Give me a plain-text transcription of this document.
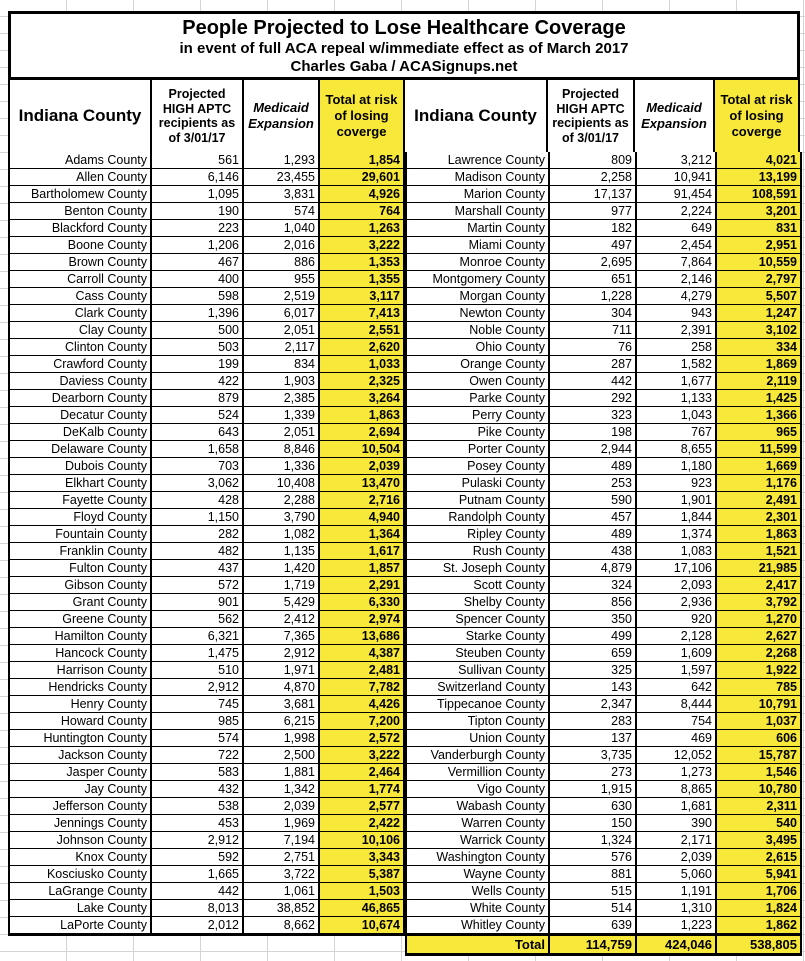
People Projected to Lose Healthcare Coverage
in event of full ACA repeal w/immediate effect as of March 2017
Charles Gaba / ACASignups.net
Indiana County
Projected HIGH APTC recipients as of 3/01/17
Medicaid Expansion
Total at risk of losing coverge
Indiana County
Projected HIGH APTC recipients as of 3/01/17
Medicaid Expansion
Total at risk of losing coverge
Adams County	561	1,293	1,854
Allen County	6,146	23,455	29,601
Bartholomew County	1,095	3,831	4,926
Benton County	190	574	764
Blackford County	223	1,040	1,263
Boone County	1,206	2,016	3,222
Brown County	467	886	1,353
Carroll County	400	955	1,355
Cass County	598	2,519	3,117
Clark County	1,396	6,017	7,413
Clay County	500	2,051	2,551
Clinton County	503	2,117	2,620
Crawford County	199	834	1,033
Daviess County	422	1,903	2,325
Dearborn County	879	2,385	3,264
Decatur County	524	1,339	1,863
DeKalb County	643	2,051	2,694
Delaware County	1,658	8,846	10,504
Dubois County	703	1,336	2,039
Elkhart County	3,062	10,408	13,470
Fayette County	428	2,288	2,716
Floyd County	1,150	3,790	4,940
Fountain County	282	1,082	1,364
Franklin County	482	1,135	1,617
Fulton County	437	1,420	1,857
Gibson County	572	1,719	2,291
Grant County	901	5,429	6,330
Greene County	562	2,412	2,974
Hamilton County	6,321	7,365	13,686
Hancock County	1,475	2,912	4,387
Harrison County	510	1,971	2,481
Hendricks County	2,912	4,870	7,782
Henry County	745	3,681	4,426
Howard County	985	6,215	7,200
Huntington County	574	1,998	2,572
Jackson County	722	2,500	3,222
Jasper County	583	1,881	2,464
Jay County	432	1,342	1,774
Jefferson County	538	2,039	2,577
Jennings County	453	1,969	2,422
Johnson County	2,912	7,194	10,106
Knox County	592	2,751	3,343
Kosciusko County	1,665	3,722	5,387
LaGrange County	442	1,061	1,503
Lake County	8,013	38,852	46,865
LaPorte County	2,012	8,662	10,674
Lawrence County	809	3,212	4,021
Madison County	2,258	10,941	13,199
Marion County	17,137	91,454	108,591
Marshall County	977	2,224	3,201
Martin County	182	649	831
Miami County	497	2,454	2,951
Monroe County	2,695	7,864	10,559
Montgomery County	651	2,146	2,797
Morgan County	1,228	4,279	5,507
Newton County	304	943	1,247
Noble County	711	2,391	3,102
Ohio County	76	258	334
Orange County	287	1,582	1,869
Owen County	442	1,677	2,119
Parke County	292	1,133	1,425
Perry County	323	1,043	1,366
Pike County	198	767	965
Porter County	2,944	8,655	11,599
Posey County	489	1,180	1,669
Pulaski County	253	923	1,176
Putnam County	590	1,901	2,491
Randolph County	457	1,844	2,301
Ripley County	489	1,374	1,863
Rush County	438	1,083	1,521
St. Joseph County	4,879	17,106	21,985
Scott County	324	2,093	2,417
Shelby County	856	2,936	3,792
Spencer County	350	920	1,270
Starke County	499	2,128	2,627
Steuben County	659	1,609	2,268
Sullivan County	325	1,597	1,922
Switzerland County	143	642	785
Tippecanoe County	2,347	8,444	10,791
Tipton County	283	754	1,037
Union County	137	469	606
Vanderburgh County	3,735	12,052	15,787
Vermillion County	273	1,273	1,546
Vigo County	1,915	8,865	10,780
Wabash County	630	1,681	2,311
Warren County	150	390	540
Warrick County	1,324	2,171	3,495
Washington County	576	2,039	2,615
Wayne County	881	5,060	5,941
Wells County	515	1,191	1,706
White County	514	1,310	1,824
Whitley County	639	1,223	1,862
Total	114,759	424,046	538,805
